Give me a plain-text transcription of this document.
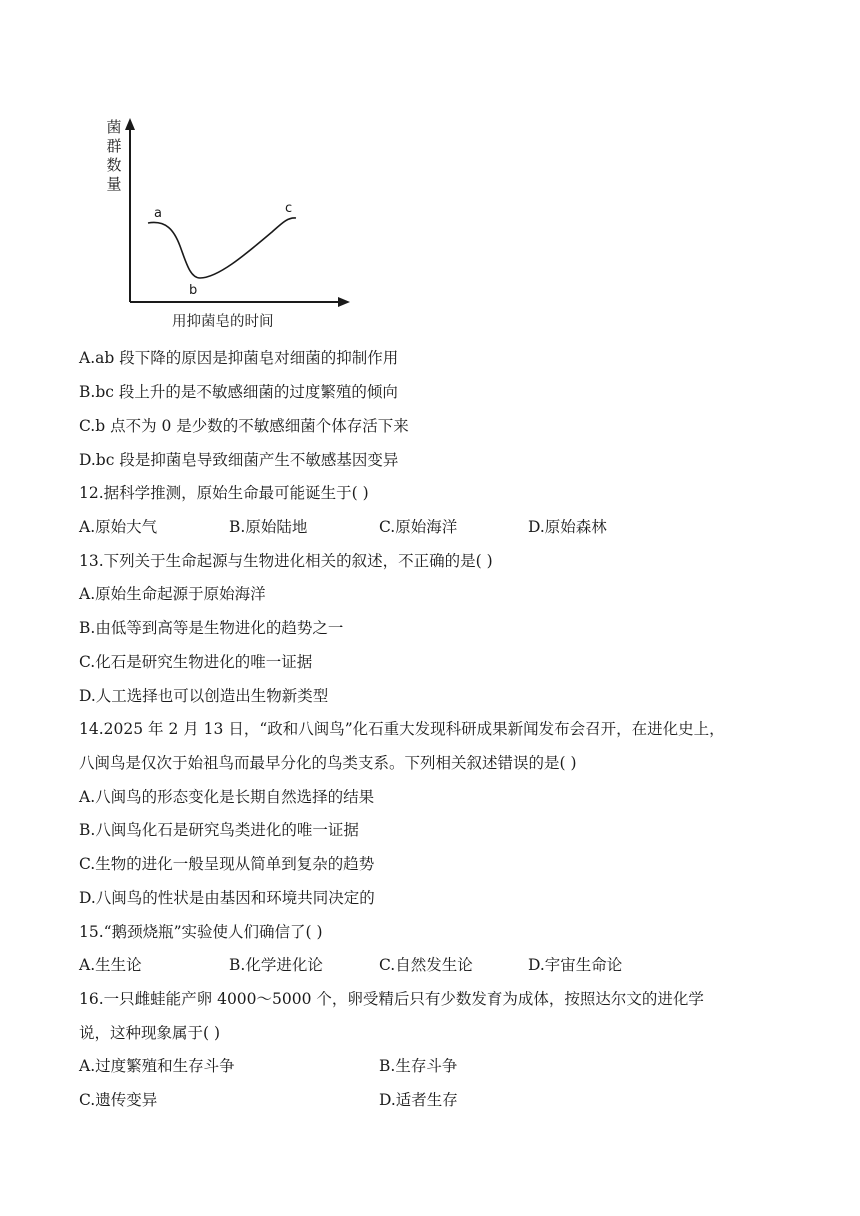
菌群数量
a
b
c
用抑菌皂的时间
A.ab 段下降的原因是抑菌皂对细菌的抑制作用
B.bc 段上升的是不敏感细菌的过度繁殖的倾向
C.b 点不为 0 是少数的不敏感细菌个体存活下来
D.bc 段是抑菌皂导致细菌产生不敏感基因变异
12.据科学推测，原始生命最可能诞生于( )
A.原始大气	B.原始陆地	C.原始海洋	D.原始森林
13.下列关于生命起源与生物进化相关的叙述，不正确的是( )
A.原始生命起源于原始海洋
B.由低等到高等是生物进化的趋势之一
C.化石是研究生物进化的唯一证据
D.人工选择也可以创造出生物新类型
14.2025 年 2 月 13 日，“政和八闽鸟”化石重大发现科研成果新闻发布会召开，在进化史上，
八闽鸟是仅次于始祖鸟而最早分化的鸟类支系。下列相关叙述错误的是( )
A.八闽鸟的形态变化是长期自然选择的结果
B.八闽鸟化石是研究鸟类进化的唯一证据
C.生物的进化一般呈现从简单到复杂的趋势
D.八闽鸟的性状是由基因和环境共同决定的
15.“鹅颈烧瓶”实验使人们确信了( )
A.生生论	B.化学进化论	C.自然发生论	D.宇宙生命论
16.一只雌蛙能产卵 4000～5000 个，卵受精后只有少数发育为成体，按照达尔文的进化学
说，这种现象属于( )
A.过度繁殖和生存斗争	B.生存斗争
C.遗传变异	D.适者生存
